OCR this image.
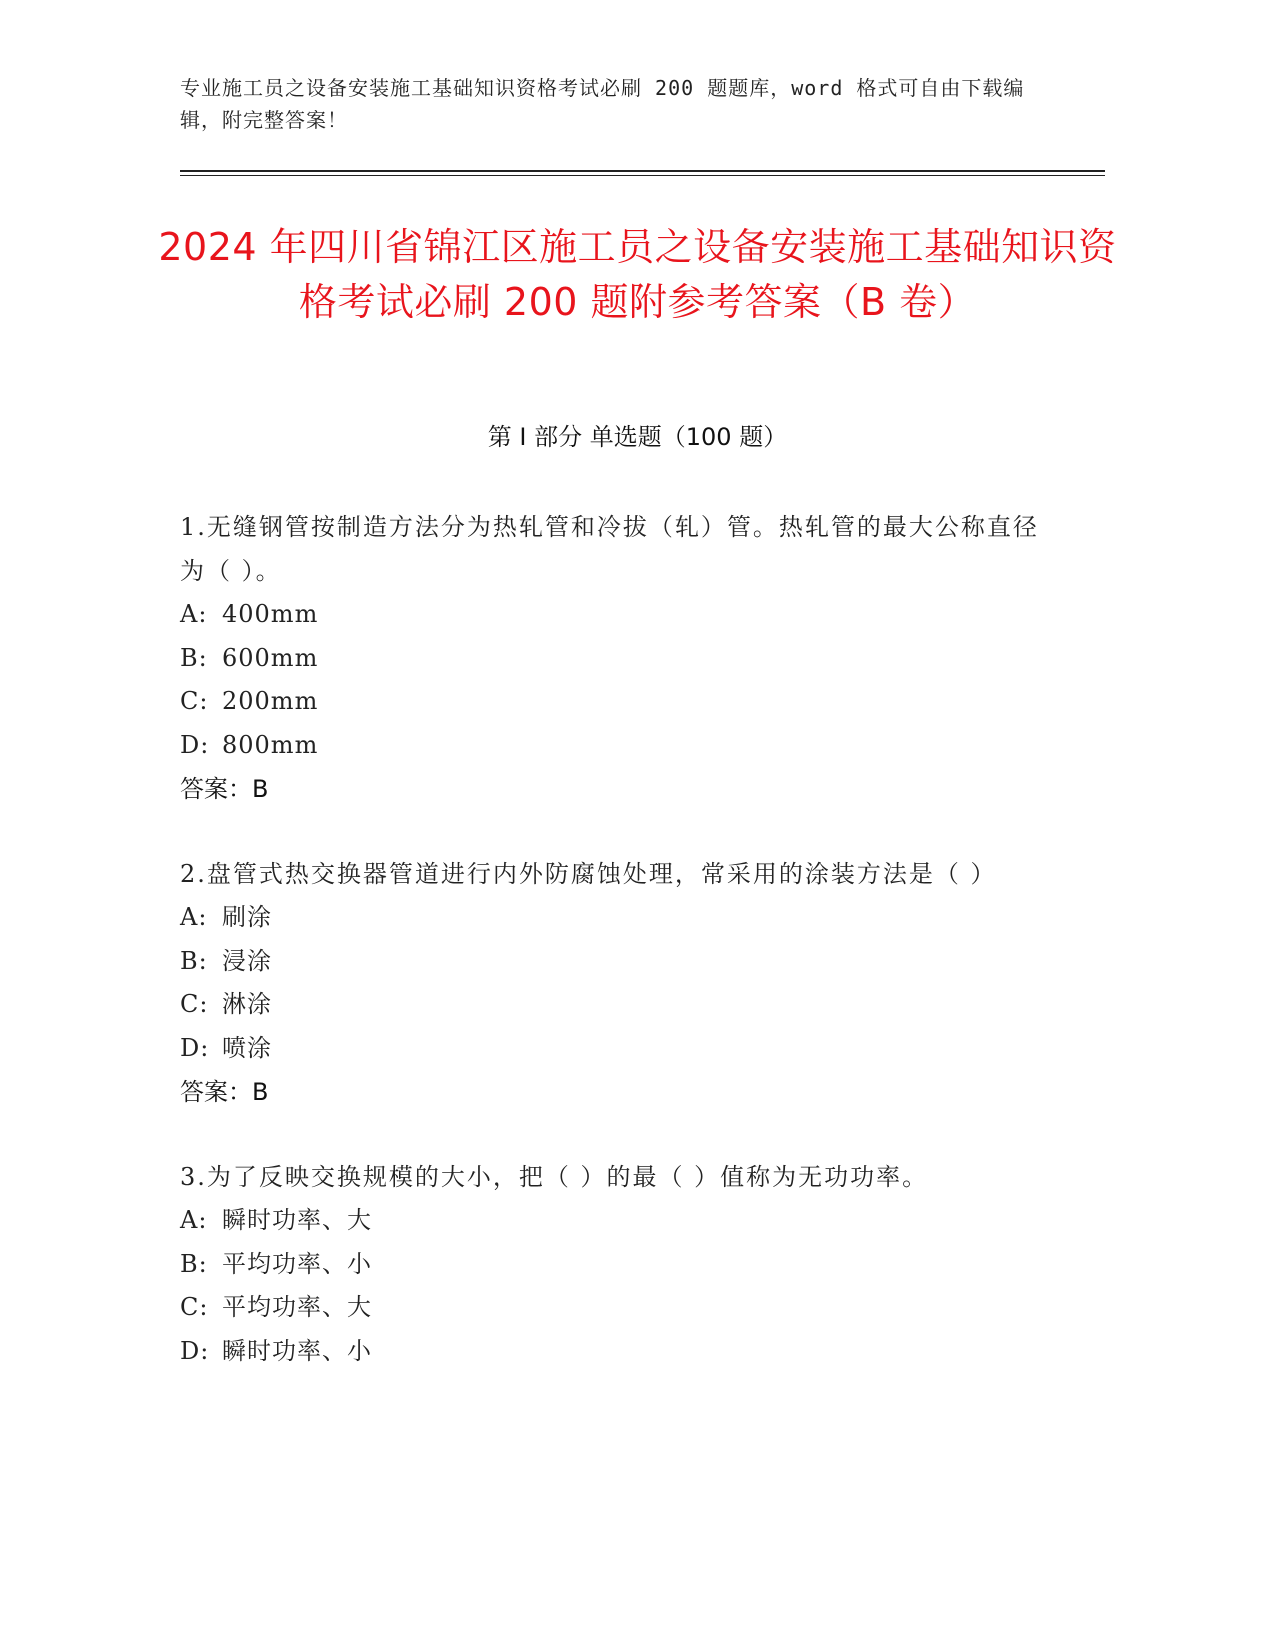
专业施工员之设备安装施工基础知识资格考试必刷 200 题题库，word 格式可自由下载编辑，附完整答案！
2024 年四川省锦江区施工员之设备安装施工基础知识资格考试必刷 200 题附参考答案（B 卷）
第 I 部分 单选题（100 题）
1.无缝钢管按制造方法分为热轧管和冷拔（轧）管。热轧管的最大公称直径为（ ）。
A: 400mm
B: 600mm
C: 200mm
D: 800mm
答案：B
2.盘管式热交换器管道进行内外防腐蚀处理，常采用的涂装方法是（ ）
A: 刷涂
B: 浸涂
C: 淋涂
D: 喷涂
答案：B
3.为了反映交换规模的大小，把（ ）的最（ ）值称为无功功率。
A: 瞬时功率、大
B: 平均功率、小
C: 平均功率、大
D: 瞬时功率、小
